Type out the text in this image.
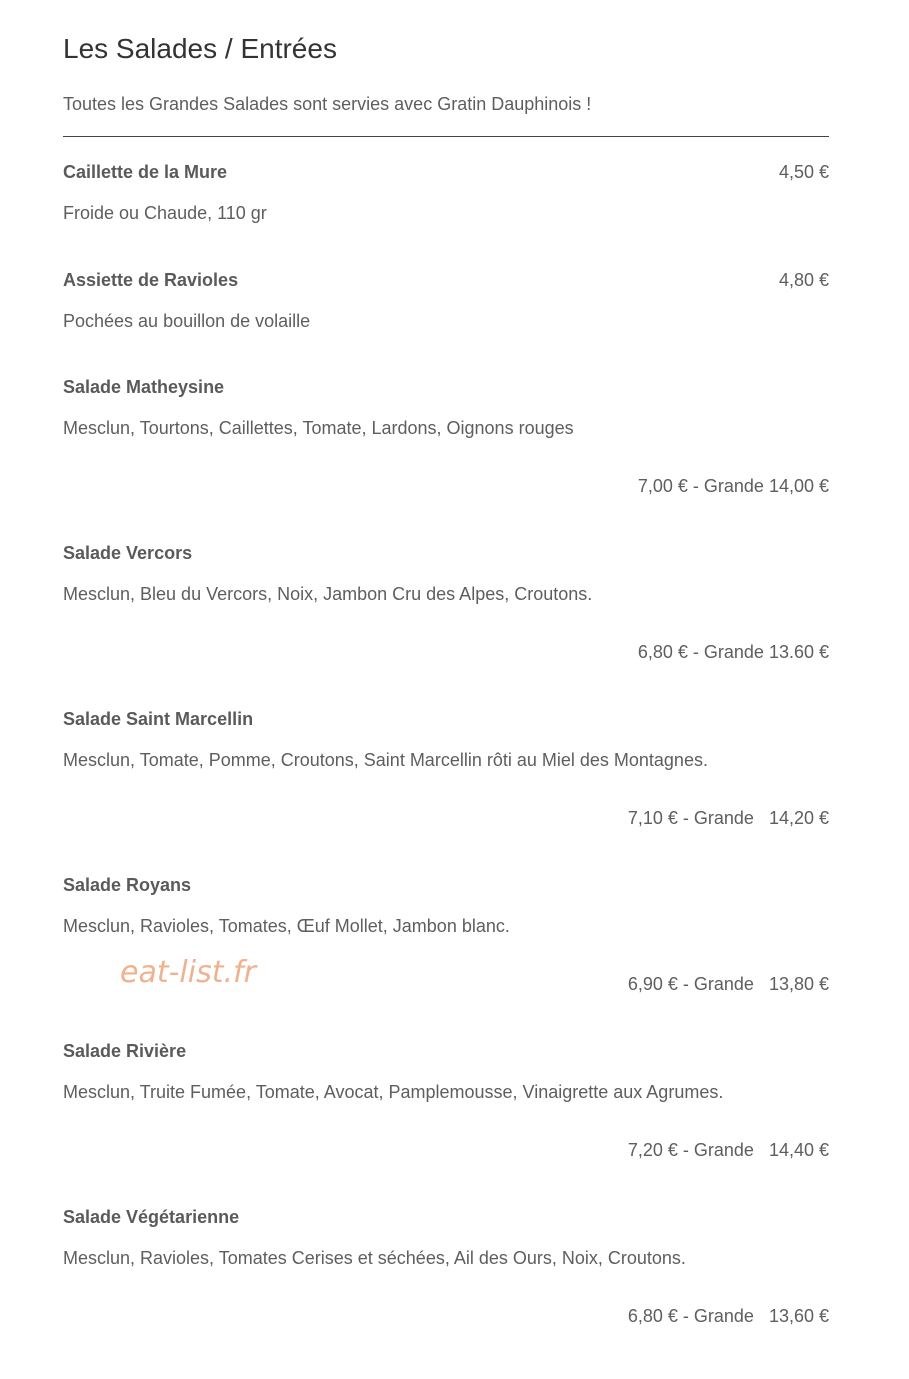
Les Salades / Entrées
Toutes les Grandes Salades sont servies avec Gratin Dauphinois !
Caillette de la Mure	4,50 €
Froide ou Chaude, 110 gr
Assiette de Ravioles	4,80 €
Pochées au bouillon de volaille
Salade Matheysine
Mesclun, Tourtons, Caillettes, Tomate, Lardons, Oignons rouges
7,00 € - Grande 14,00 €
Salade Vercors
Mesclun, Bleu du Vercors, Noix, Jambon Cru des Alpes, Croutons.
6,80 € - Grande 13.60 €
Salade Saint Marcellin
Mesclun, Tomate, Pomme, Croutons, Saint Marcellin rôti au Miel des Montagnes.
7,10 € - Grande   14,20 €
Salade Royans
Mesclun, Ravioles, Tomates, Œuf Mollet, Jambon blanc.
6,90 € - Grande   13,80 €
Salade Rivière
Mesclun, Truite Fumée, Tomate, Avocat, Pamplemousse, Vinaigrette aux Agrumes.
7,20 € - Grande   14,40 €
Salade Végétarienne
Mesclun, Ravioles, Tomates Cerises et séchées, Ail des Ours, Noix, Croutons.
6,80 € - Grande   13,60 €
eat-list.fr
